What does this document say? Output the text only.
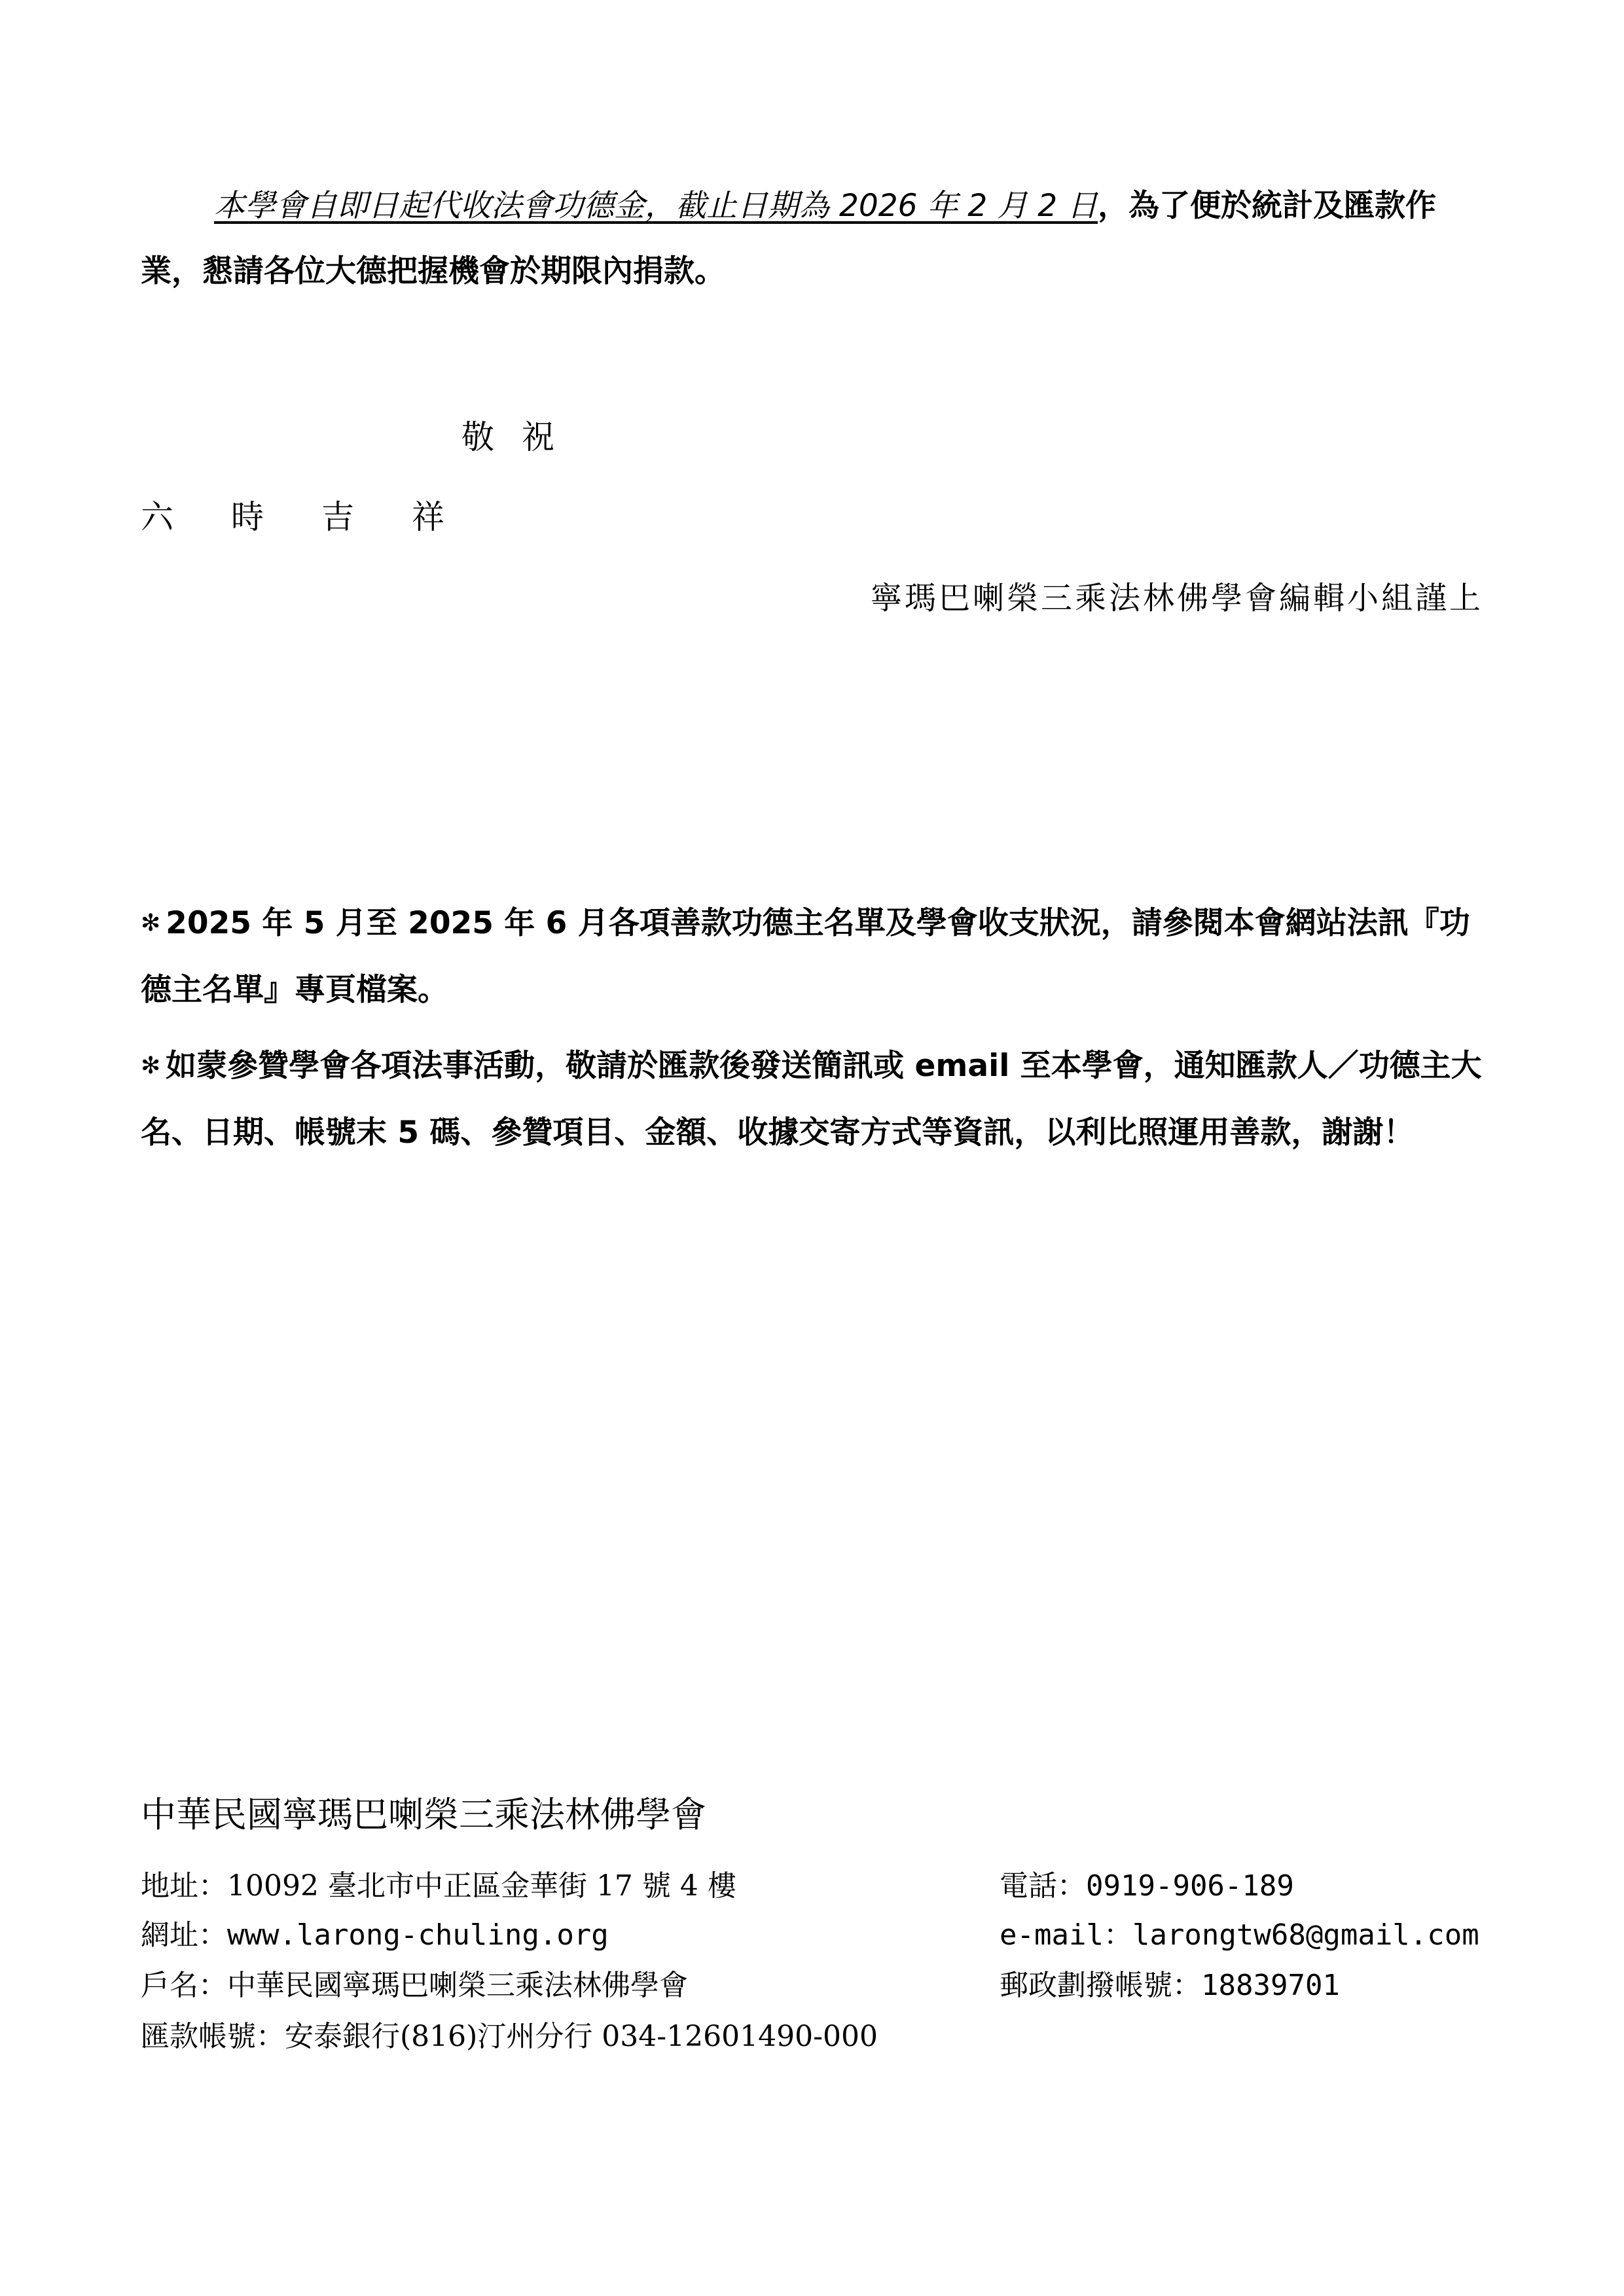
本學會自即日起代收法會功德金，截止日期為 2026 年 2 月 2 日，為了便於統計及匯款作業，懇請各位大德把握機會於期限內捐款。

敬祝
六時吉祥
寧瑪巴喇榮三乘法林佛學會編輯小組謹上

✻ 2025 年 5 月至 2025 年 6 月各項善款功德主名單及學會收支狀況，請參閱本會網站法訊『功德主名單』專頁檔案。

✻ 如蒙參贊學會各項法事活動，敬請於匯款後發送簡訊或 email 至本學會，通知匯款人／功德主大名、日期、帳號末 5 碼、參贊項目、金額、收據交寄方式等資訊，以利比照運用善款，謝謝！

中華民國寧瑪巴喇榮三乘法林佛學會
地址：10092 臺北市中正區金華街 17 號 4 樓	電話：0919-906-189
網址：www.larong-chuling.org	e-mail：larongtw68@gmail.com
戶名：中華民國寧瑪巴喇榮三乘法林佛學會	郵政劃撥帳號：18839701
匯款帳號：安泰銀行(816)汀州分行 034-12601490-000
